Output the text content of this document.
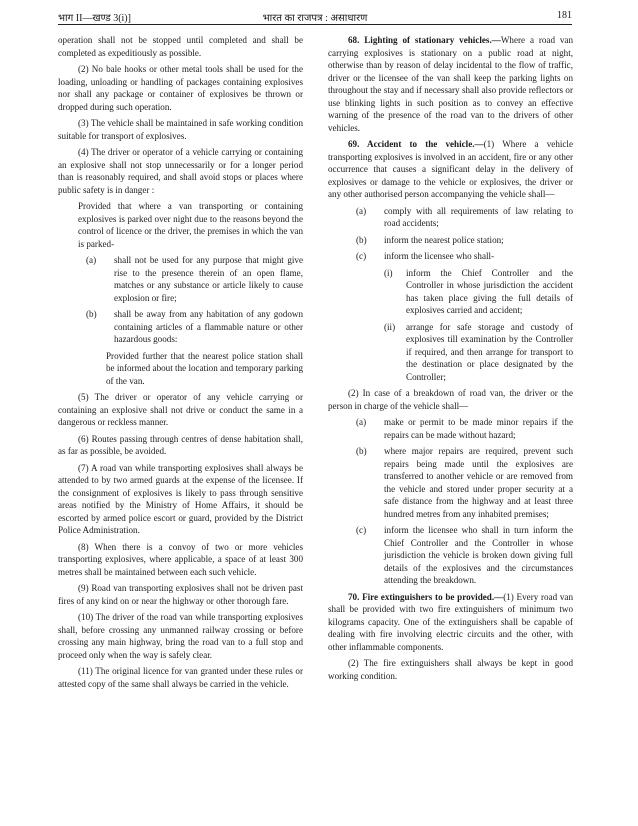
भाग II—खण्ड 3(i)]	भारत का राजपत्र : असाधारण	181

operation shall not be stopped until completed and shall be completed as expeditiously as possible.

(2) No bale hooks or other metal tools shall be used for the loading, unloading or handling of packages containing explosives nor shall any package or container of explosives be thrown or dropped during such operation.

(3) The vehicle shall be maintained in safe working condition suitable for transport of explosives.

(4) The driver or operator of a vehicle carrying or containing an explosive shall not stop unnecessarily or for a longer period than is reasonably required, and shall avoid stops or places where public safety is in danger :

Provided that where a van transporting or containing explosives is parked over night due to the reasons beyond the control of licence or the driver, the premises in which the van is parked-

(a)	shall not be used for any purpose that might give rise to the presence therein of an open flame, matches or any substance or article likely to cause explosion or fire;
(b)	shall be away from any habitation of any godown containing articles of a flammable nature or other hazardous goods:

Provided further that the nearest police station shall be informed about the location and temporary parking of the van.

(5) The driver or operator of any vehicle carrying or containing an explosive shall not drive or conduct the same in a dangerous or reckless manner.

(6) Routes passing through centres of dense habitation shall, as far as possible, be avoided.

(7) A road van while transporting explosives shall always be attended to by two armed guards at the expense of the licensee. If the consignment of explosives is likely to pass through sensitive areas notified by the Ministry of Home Affairs, it should be escorted by armed police escort or guard, provided by the District Police Administration.

(8) When there is a convoy of two or more vehicles transporting explosives, where applicable, a space of at least 300 metres shall be maintained between each such vehicle.

(9) Road van transporting explosives shall not be driven past fires of any kind on or near the highway or other thorough fare.

(10) The driver of the road van while transporting explosives shall, before crossing any unmanned railway crossing or before crossing any main highway, bring the road van to a full stop and proceed only when the way is safely clear.

(11) The original licence for van granted under these rules or attested copy of the same shall always be carried in the vehicle.

68. Lighting of stationary vehicles.—Where a road van carrying explosives is stationary on a public road at night, otherwise than by reason of delay incidental to the flow of traffic, driver or the licensee of the van shall keep the parking lights on throughout the stay and if necessary shall also provide reflectors or use blinking lights in such position as to convey an effective warning of the presence of the road van to the drivers of other vehicles.

69. Accident to the vehicle.—(1) Where a vehicle transporting explosives is involved in an accident, fire or any other occurrence that causes a significant delay in the delivery of explosives or damage to the vehicle or explosives, the driver or any other authorised person accompanying the vehicle shall—

(a)	comply with all requirements of law relating to road accidents;
(b)	inform the nearest police station;
(c)	inform the licensee who shall-
(i)	inform the Chief Controller and the Controller in whose jurisdiction the accident has taken place giving the full details of explosives carried and accident;
(ii)	arrange for safe storage and custody of explosives till examination by the Controller if required, and then arrange for transport to the destination or place designated by the Controller;

(2) In case of a breakdown of road van, the driver or the person in charge of the vehicle shall—

(a)	make or permit to be made minor repairs if the repairs can be made without hazard;
(b)	where major repairs are required, prevent such repairs being made until the explosives are transferred to another vehicle or are removed from the vehicle and stored under proper security at a safe distance from the highway and at least three hundred metres from any inhabited premises;
(c)	inform the licensee who shall in turn inform the Chief Controller and the Controller in whose jurisdiction the vehicle is broken down giving full details of the explosives and the circumstances attending the breakdown.

70. Fire extinguishers to be provided.—(1) Every road van shall be provided with two fire extinguishers of minimum two kilograms capacity. One of the extinguishers shall be capable of dealing with fire involving electric circuits and the other, with other inflammable components.

(2) The fire extinguishers shall always be kept in good working condition.
